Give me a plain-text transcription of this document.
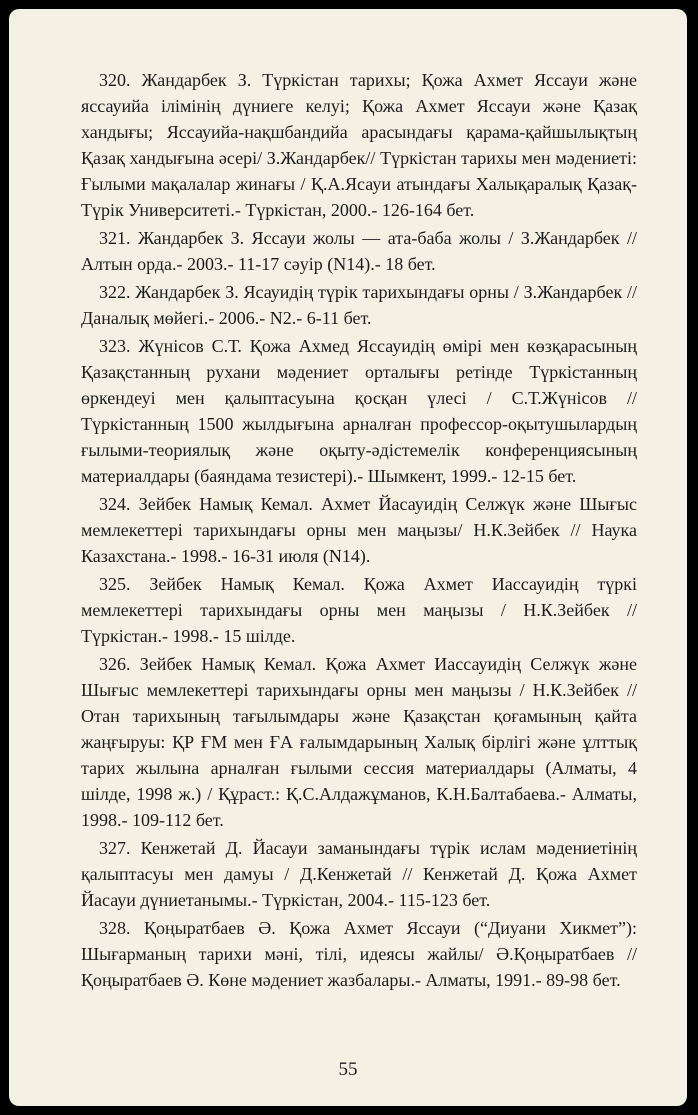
320. Жандарбек З. Түркістан тарихы; Қожа Ахмет Яссауи және яссауийа ілімінің дүниеге келуі; Қожа Ахмет Яссауи және Қазақ хандығы; Яссауийа-нақшбандийа арасындағы қарама-қайшылықтың Қазақ хандығына әсері/ З.Жандарбек// Түркістан тарихы мен мәдениеті: Ғылыми мақалалар жинағы / Қ.А.Ясауи атындағы Халықаралық Қазақ-Түрік Университеті.- Түркістан, 2000.- 126-164 бет.

321. Жандарбек З. Яссауи жолы — ата-баба жолы / З.Жандарбек // Алтын орда.- 2003.- 11-17 сәуір (N14).- 18 бет.

322. Жандарбек З. Ясауидің түрік тарихындағы орны / З.Жандарбек // Даналық мөйегі.- 2006.- N2.- 6-11 бет.

323. Жүнісов С.Т. Қожа Ахмед Яссауидің өмірі мен көзқарасының Қазақстанның рухани мәдениет орталығы ретінде Түркістанның өркендеуі мен қалыптасуына қосқан үлесі / С.Т.Жүнісов // Түркістанның 1500 жылдығына арналған профессор-оқытушылардың ғылыми-теориялық және оқыту-әдістемелік конференциясының материалдары (баяндама тезистері).- Шымкент, 1999.- 12-15 бет.

324. Зейбек Намық Кемал. Ахмет Йасауидің Селжүк және Шығыс мемлекеттері тарихындағы орны мен маңызы/ Н.К.Зейбек // Наука Казахстана.- 1998.- 16-31 июля (N14).

325. Зейбек Намық Кемал. Қожа Ахмет Иассауидің түркі мемлекеттері тарихындағы орны мен маңызы / Н.К.Зейбек // Түркістан.- 1998.- 15 шілде.

326. Зейбек Намық Кемал. Қожа Ахмет Иассауидің Селжүк және Шығыс мемлекеттері тарихындағы орны мен маңызы / Н.К.Зейбек // Отан тарихының тағылымдары және Қазақстан қоғамының қайта жаңғыруы: ҚР ҒМ мен ҒА ғалымдарының Халық бірлігі және ұлттық тарих жылына арналған ғылыми сессия материалдары (Алматы, 4 шілде, 1998 ж.) / Құраст.: Қ.С.Алдажұманов, К.Н.Балтабаева.- Алматы, 1998.- 109-112 бет.

327. Кенжетай Д. Йасауи заманындағы түрік ислам мәдениетінің қалыптасуы мен дамуы / Д.Кенжетай // Кенжетай Д. Қожа Ахмет Йасауи дүниетанымы.- Түркістан, 2004.- 115-123 бет.

328. Қоңыратбаев Ә. Қожа Ахмет Яссауи (“Диуани Хикмет”): Шығарманың тарихи мәні, тілі, идеясы жайлы/ Ә.Қоңыратбаев // Қоңыратбаев Ә. Көне мәдениет жазбалары.- Алматы, 1991.- 89-98 бет.

55
